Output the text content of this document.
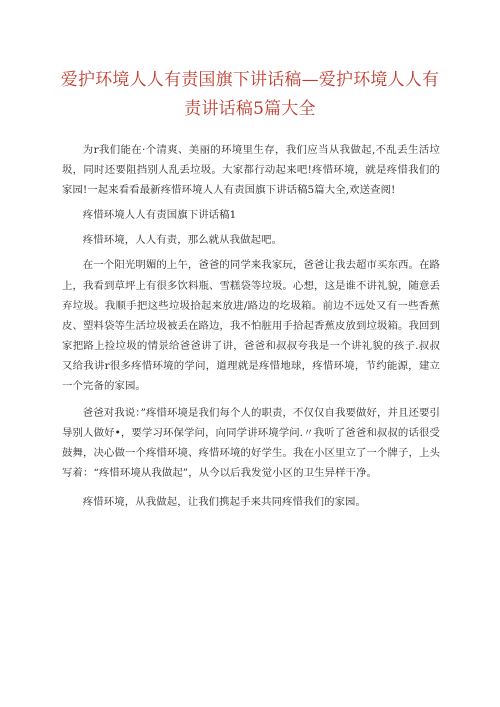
爱护环境人人有责国旗下讲话稿—爱护环境人人有责讲话稿5篇大全

为r我们能在·个清爽、美丽的环境里生存，我们应当从我做起,不乱丢生活垃圾，同时还要阻挡别人乱丢垃圾。大家都行动起来吧!疼惜环境，就是疼惜我们的家园!一起来看看最新疼惜环境人人有责国旗下讲话稿5篇大全,欢送查阅!

疼惜环境人人有责国旗下讲话稿1

疼惜环境，人人有责，那么就从我做起吧。

在一个阳光明媚的上午，爸爸的同学来我家玩，爸爸让我去超市买东西。在路上，我看到草坪上有很多饮料瓶、雪糕袋等垃圾。心想，这是谁不讲礼貌，随意丢弃垃圾。我顺手把这些垃圾拾起来放进/路边的圪圾箱。前边不远处又有一些香蕉皮、塑料袋等生活垃圾被丢在路边，我不怕脏用手拾起香蕉皮放到垃圾箱。我回到家把路上捡垃圾的情景给爸爸讲了讲，爸爸和叔叔夸我是一个讲礼貌的孩子.叔叔又给我讲r很多疼惜环境的学问，道理就是疼惜地球，疼惜环境，节约能源，建立一个完备的家园。

爸爸对我说：”疼惜环境是我们每个人的职责，不仅仅自我要做好，并且还要引导别人做好•，要学习环保学问，向同学讲环境学问.〃我听了爸爸和叔叔的话很受鼓舞，决心做一个疼惜环境、疼惜环境的好学生。我在小区里立了一个牌子，上头写着：“疼惜环境从我做起”，从今以后我发觉小区的卫生异样干净。

疼惜环境，从我做起，让我们携起手来共同疼惜我们的家园。
